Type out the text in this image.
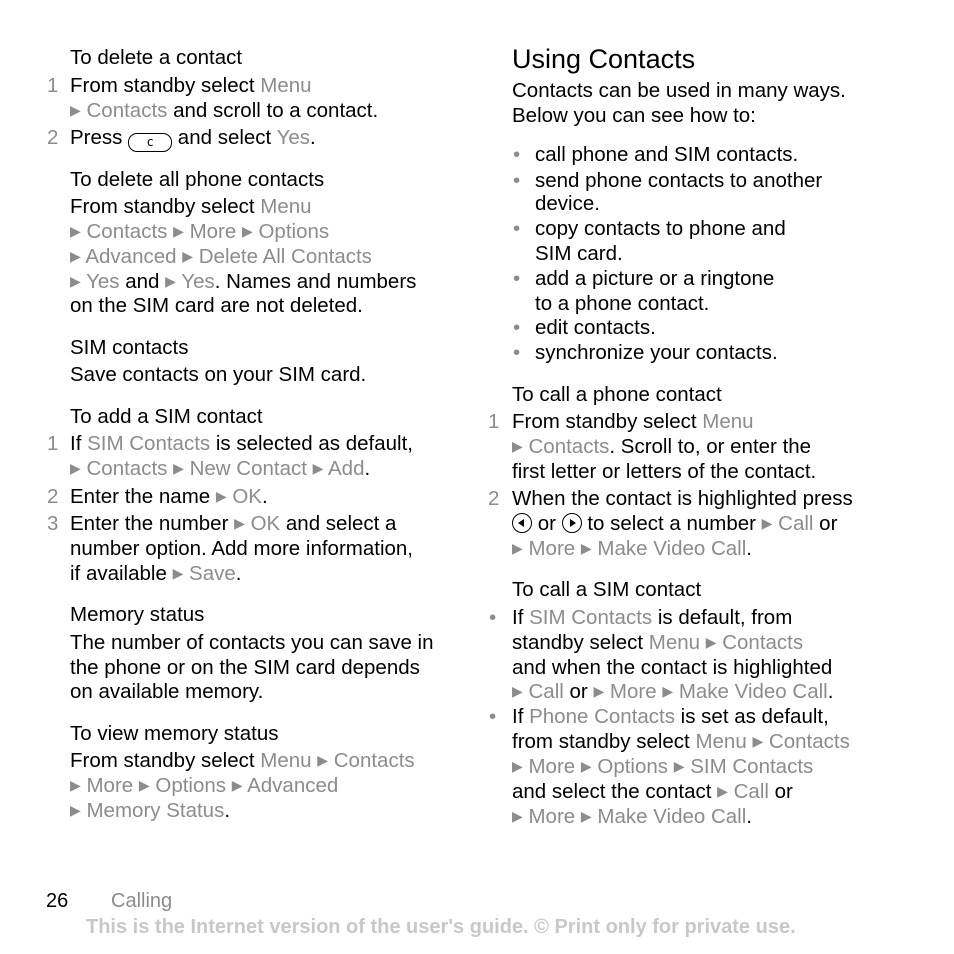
To delete a contact
1 From standby select Menu
▶ Contacts and scroll to a contact.
2 Press c and select Yes.
To delete all phone contacts
From standby select Menu
▶ Contacts ▶ More ▶ Options
▶ Advanced ▶ Delete All Contacts
▶ Yes and ▶ Yes. Names and numbers
on the SIM card are not deleted.
SIM contacts
Save contacts on your SIM card.
To add a SIM contact
1 If SIM Contacts is selected as default,
▶ Contacts ▶ New Contact ▶ Add.
2 Enter the name ▶ OK.
3 Enter the number ▶ OK and select a
number option. Add more information,
if available ▶ Save.
Memory status
The number of contacts you can save in
the phone or on the SIM card depends
on available memory.
To view memory status
From standby select Menu ▶ Contacts
▶ More ▶ Options ▶ Advanced
▶ Memory Status.
Using Contacts
Contacts can be used in many ways.
Below you can see how to:
• call phone and SIM contacts.
• send phone contacts to another
device.
• copy contacts to phone and
SIM card.
• add a picture or a ringtone
to a phone contact.
• edit contacts.
• synchronize your contacts.
To call a phone contact
1 From standby select Menu
▶ Contacts. Scroll to, or enter the
first letter or letters of the contact.
2 When the contact is highlighted press
or
to select a number ▶ Call or
▶ More ▶ Make Video Call.
To call a SIM contact
• If SIM Contacts is default, from
standby select Menu ▶ Contacts
and when the contact is highlighted
▶ Call or ▶ More ▶ Make Video Call.
• If Phone Contacts is set as default,
from standby select Menu ▶ Contacts
▶ More ▶ Options ▶ SIM Contacts
and select the contact ▶ Call or
▶ More ▶ Make Video Call.
26 Calling
This is the Internet version of the user's guide. © Print only for private use.
